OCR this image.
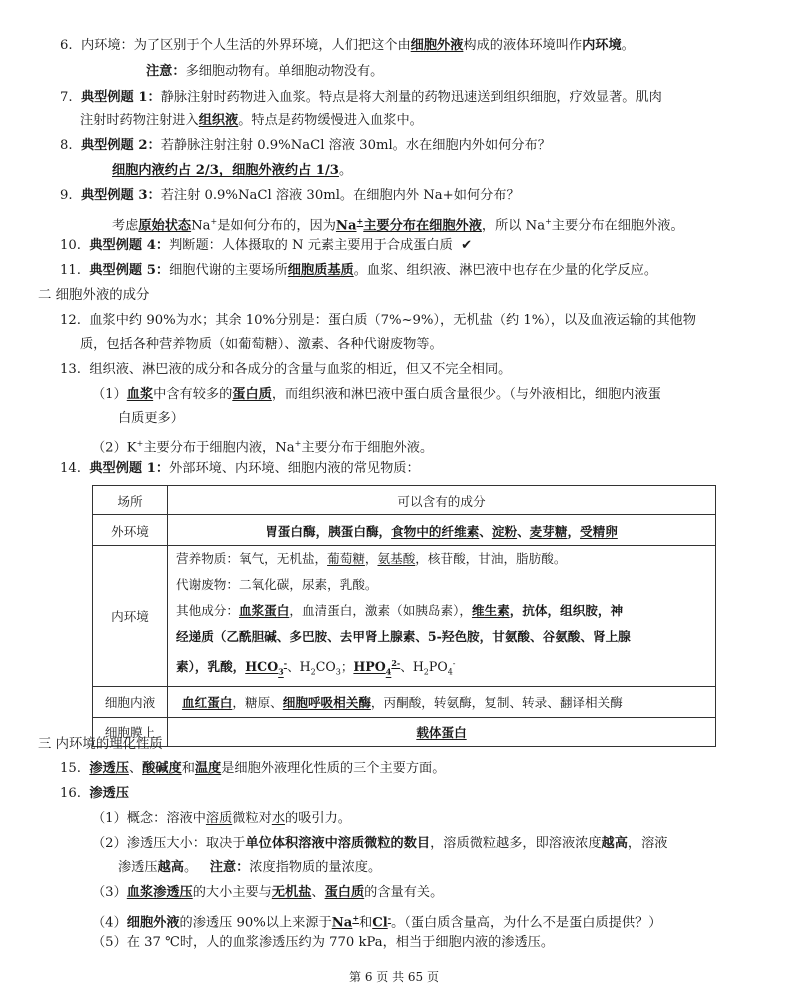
6. 内环境：为了区别于个人生活的外界环境，人们把这个由细胞外液构成的液体环境叫作内环境。
注意：多细胞动物有。单细胞动物没有。
7. 典型例题 1：静脉注射时药物进入血浆。特点是将大剂量的药物迅速送到组织细胞，疗效显著。肌肉
注射时药物注射进入组织液。特点是药物缓慢进入血浆中。
8. 典型例题 2：若静脉注射注射 0.9%NaCl 溶液 30ml。水在细胞内外如何分布？
细胞内液约占 2/3，细胞外液约占 1/3。
9. 典型例题 3：若注射 0.9%NaCl 溶液 30ml。在细胞内外 Na+如何分布？
考虑原始状态Na+是如何分布的，因为Na+主要分布在细胞外液，所以 Na+主要分布在细胞外液。
10. 典型例题 4：判断题：人体摄取的 N 元素主要用于合成蛋白质 ✔
11. 典型例题 5：细胞代谢的主要场所细胞质基质。血浆、组织液、淋巴液中也存在少量的化学反应。
二 细胞外液的成分
12. 血浆中约 90%为水；其余 10%分别是：蛋白质（7%~9%），无机盐（约 1%），以及血液运输的其他物
质，包括各种营养物质（如葡萄糖）、激素、各种代谢废物等。
13. 组织液、淋巴液的成分和各成分的含量与血浆的相近，但又不完全相同。
（1）血浆中含有较多的蛋白质，而组织液和淋巴液中蛋白质含量很少。（与外液相比，细胞内液蛋
白质更多）
（2）K+主要分布于细胞内液，Na+主要分布于细胞外液。
14. 典型例题 1：外部环境、内环境、细胞内液的常见物质：
场所	可以含有的成分
外环境	胃蛋白酶，胰蛋白酶，食物中的纤维素、淀粉、麦芽糖，受精卵
内环境	营养物质：氧气，无机盐，葡萄糖，氨基酸，核苷酸，甘油，脂肪酸。
代谢废物：二氧化碳，尿素，乳酸。
其他成分：血浆蛋白，血清蛋白，激素（如胰岛素），维生素，抗体，组织胺，神
经递质（乙酰胆碱、多巴胺、去甲肾上腺素、5-羟色胺，甘氨酸、谷氨酸、肾上腺
素），乳酸，$HCO_3^-$、$H_2CO_3$；$HPO_4^{2-}$、$H_2PO_4^-$

细胞内液	血红蛋白，糖原、细胞呼吸相关酶，丙酮酸，转氨酶，复制、转录、翻译相关酶
细胞膜上	载体蛋白
三 内环境的理化性质
15. 渗透压、酸碱度和温度是细胞外液理化性质的三个主要方面。
16. 渗透压
（1）概念：溶液中溶质微粒对水的吸引力。
（2）渗透压大小：取决于单位体积溶液中溶质微粒的数目，溶质微粒越多，即溶液浓度越高，溶液
渗透压越高。 注意：浓度指物质的量浓度。
（3）血浆渗透压的大小主要与无机盐、蛋白质的含量有关。
（4）细胞外液的渗透压 90%以上来源于Na+和Cl-。（蛋白质含量高，为什么不是蛋白质提供？）
（5）在 37 ℃时，人的血浆渗透压约为 770 kPa，相当于细胞内液的渗透压。
第 6 页 共 65 页
